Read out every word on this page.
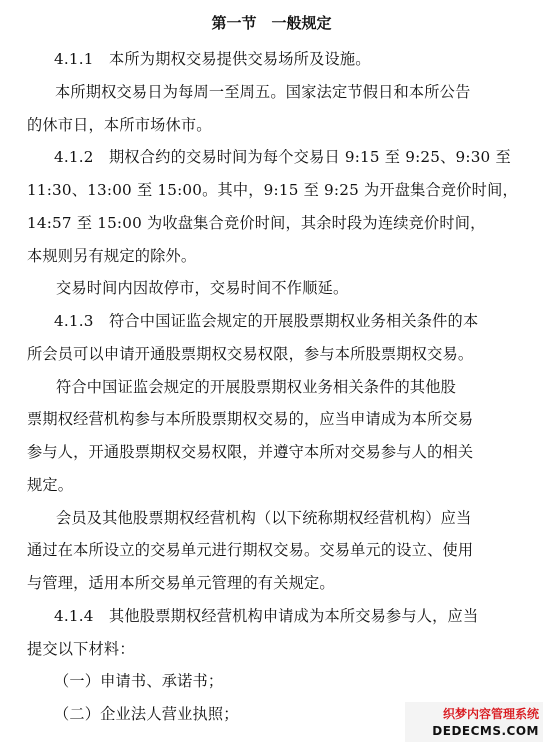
第一节　一般规定
4.1.1　本所为期权交易提供交易场所及设施。
本所期权交易日为每周一至周五。国家法定节假日和本所公告
的休市日，本所市场休市。
4.1.2　期权合约的交易时间为每个交易日 9:15 至 9:25、9:30 至
11:30、13:00 至 15:00。其中，9:15 至 9:25 为开盘集合竞价时间，
14:57 至 15:00 为收盘集合竞价时间，其余时段为连续竞价时间，
本规则另有规定的除外。
交易时间内因故停市，交易时间不作顺延。
4.1.3　符合中国证监会规定的开展股票期权业务相关条件的本
所会员可以申请开通股票期权交易权限，参与本所股票期权交易。
符合中国证监会规定的开展股票期权业务相关条件的其他股
票期权经营机构参与本所股票期权交易的，应当申请成为本所交易
参与人，开通股票期权交易权限，并遵守本所对交易参与人的相关
规定。
会员及其他股票期权经营机构（以下统称期权经营机构）应当
通过在本所设立的交易单元进行期权交易。交易单元的设立、使用
与管理，适用本所交易单元管理的有关规定。
4.1.4　其他股票期权经营机构申请成为本所交易参与人，应当
提交以下材料：
（一）申请书、承诺书；
（二）企业法人营业执照；	织梦内容管理系统
DEDECMS.COM
